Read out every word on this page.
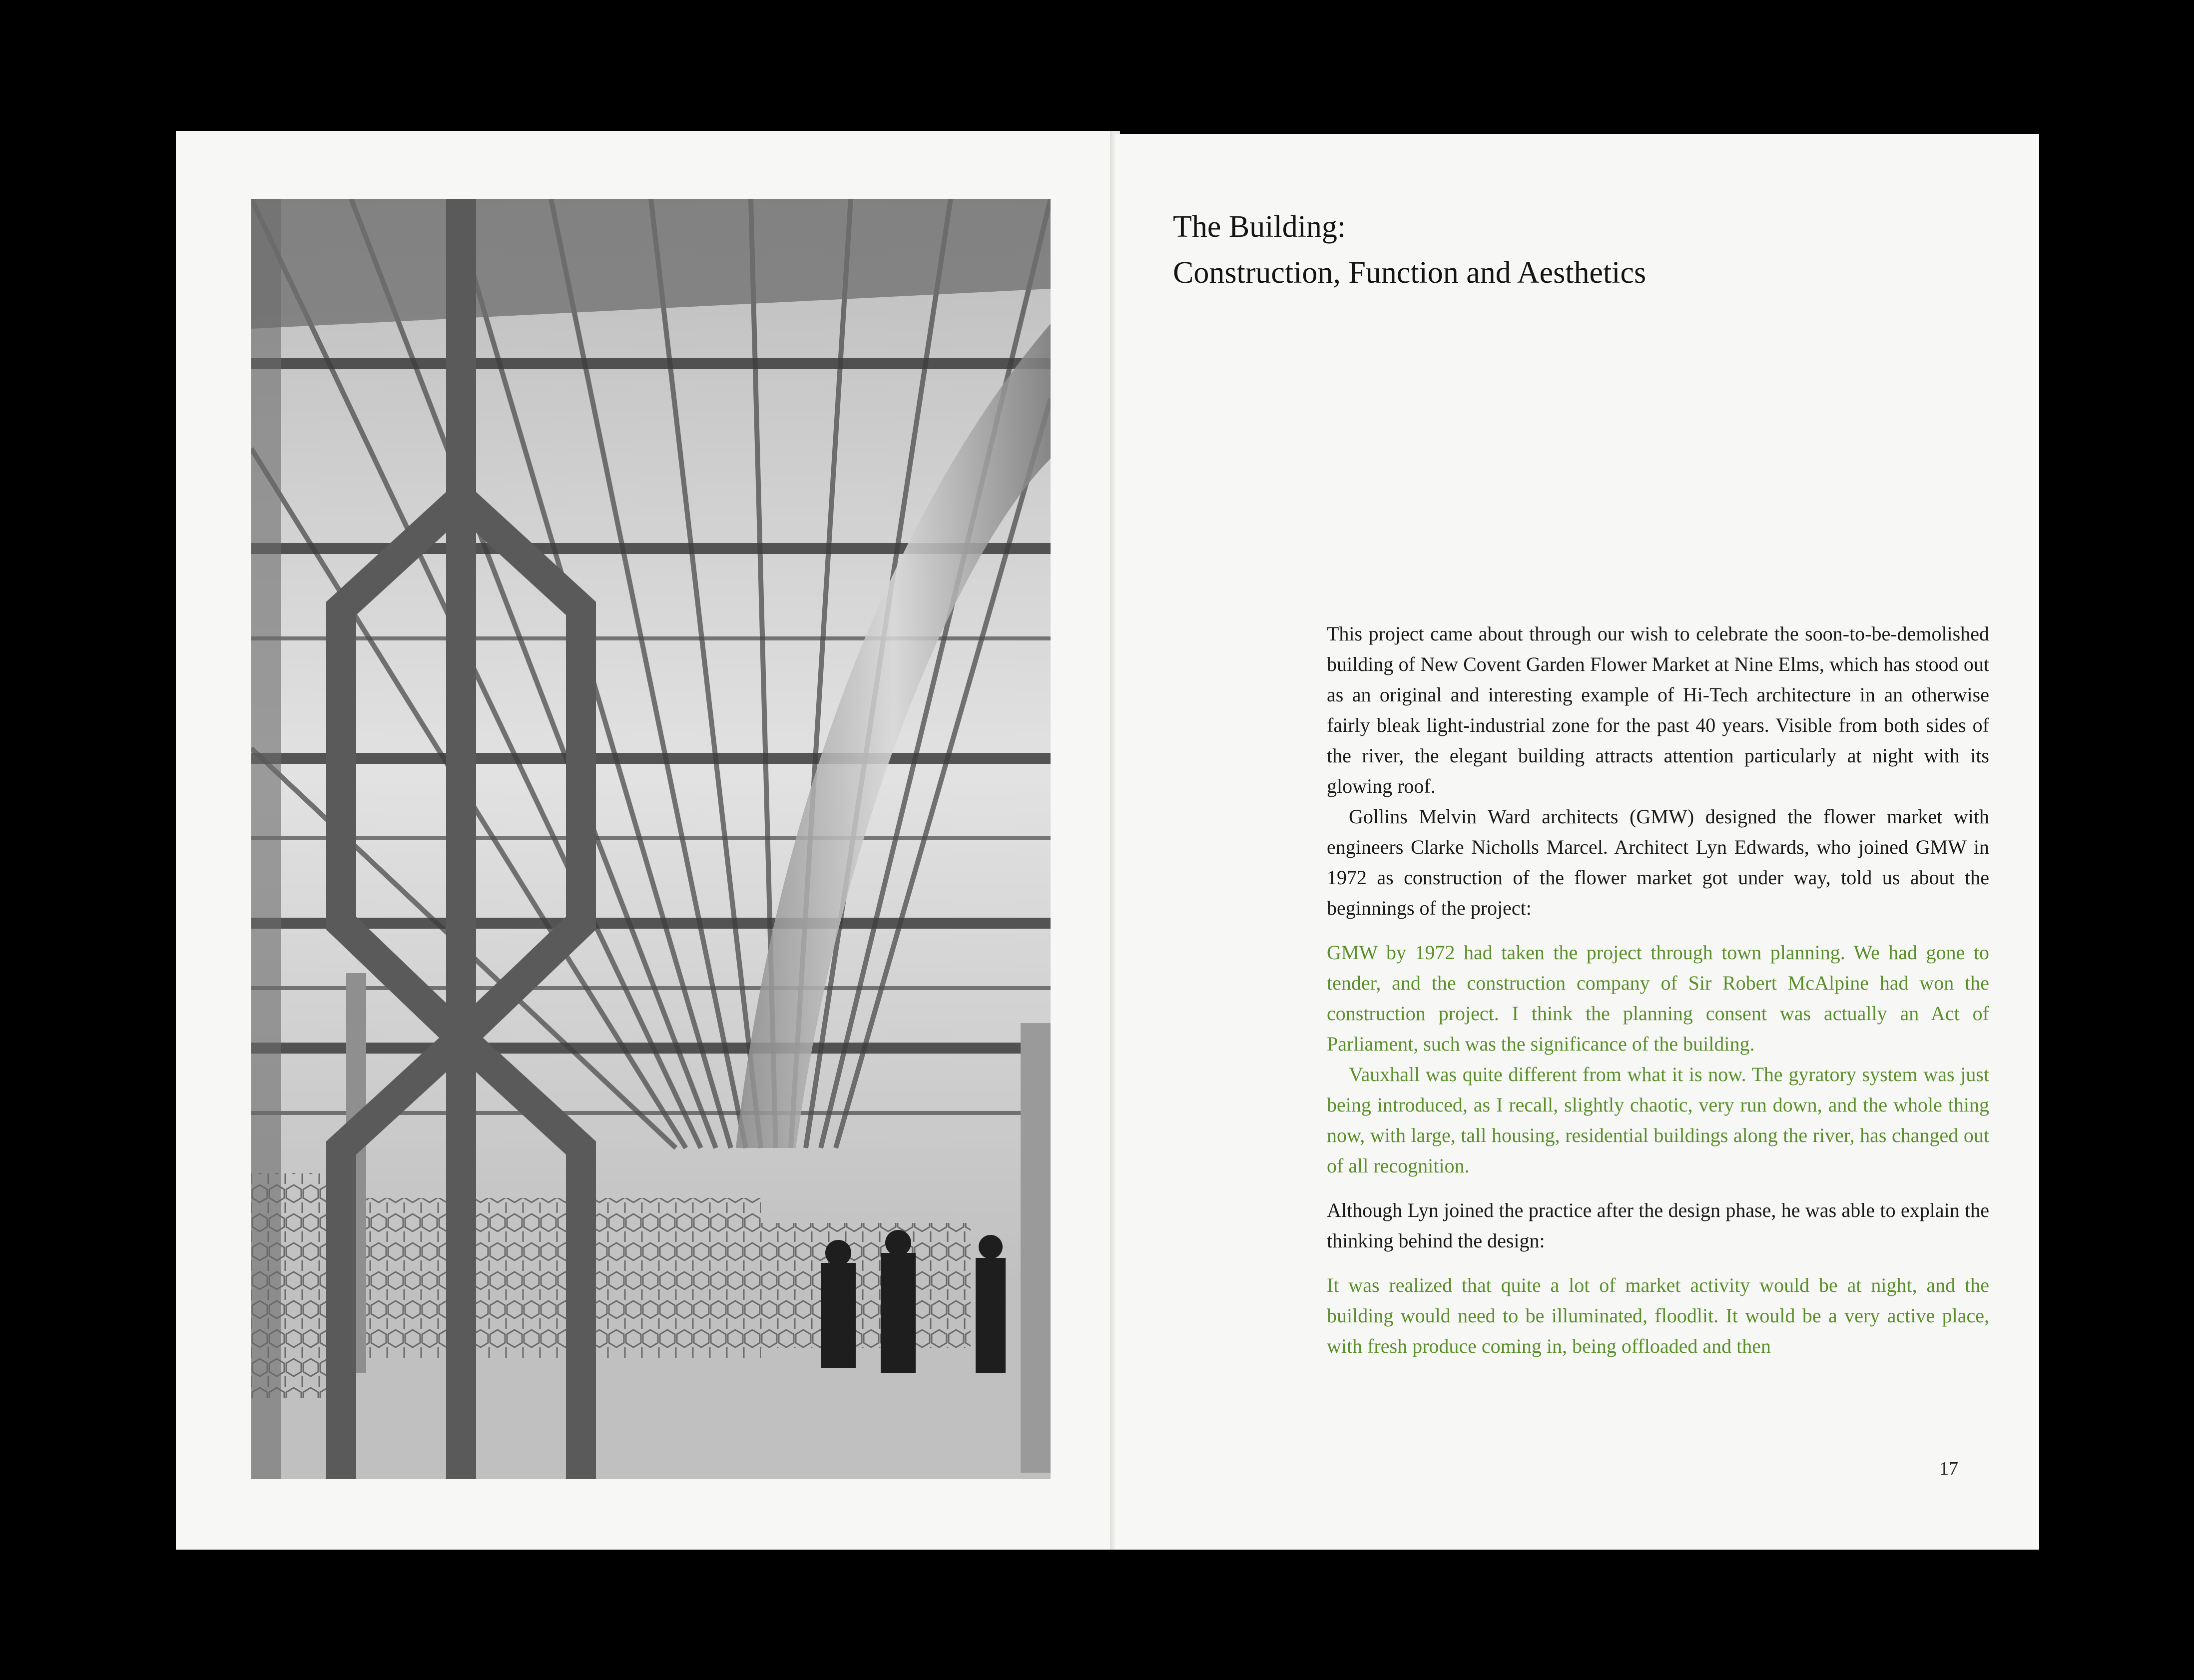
The Building:
Construction, Function and Aesthetics

This project came about through our wish to celebrate the soon-to-be-demolished building of New Covent Garden Flower Market at Nine Elms, which has stood out as an original and interesting example of Hi-Tech architecture in an otherwise fairly bleak light-industrial zone for the past 40 years. Visible from both sides of the river, the elegant building attracts attention particularly at night with its glowing roof.

Gollins Melvin Ward architects (GMW) designed the flower market with engineers Clarke Nicholls Marcel. Architect Lyn Edwards, who joined GMW in 1972 as construction of the flower market got under way, told us about the beginnings of the project:

GMW by 1972 had taken the project through town planning. We had gone to tender, and the construction company of Sir Robert McAlpine had won the construction project. I think the planning consent was actually an Act of Parliament, such was the significance of the building.

Vauxhall was quite different from what it is now. The gyratory system was just being introduced, as I recall, slightly chaotic, very run down, and the whole thing now, with large, tall housing, residential buildings along the river, has changed out of all recognition.

Although Lyn joined the practice after the design phase, he was able to explain the thinking behind the design:

It was realized that quite a lot of market activity would be at night, and the building would need to be illuminated, floodlit. It would be a very active place, with fresh produce coming in, being offloaded and then

17
